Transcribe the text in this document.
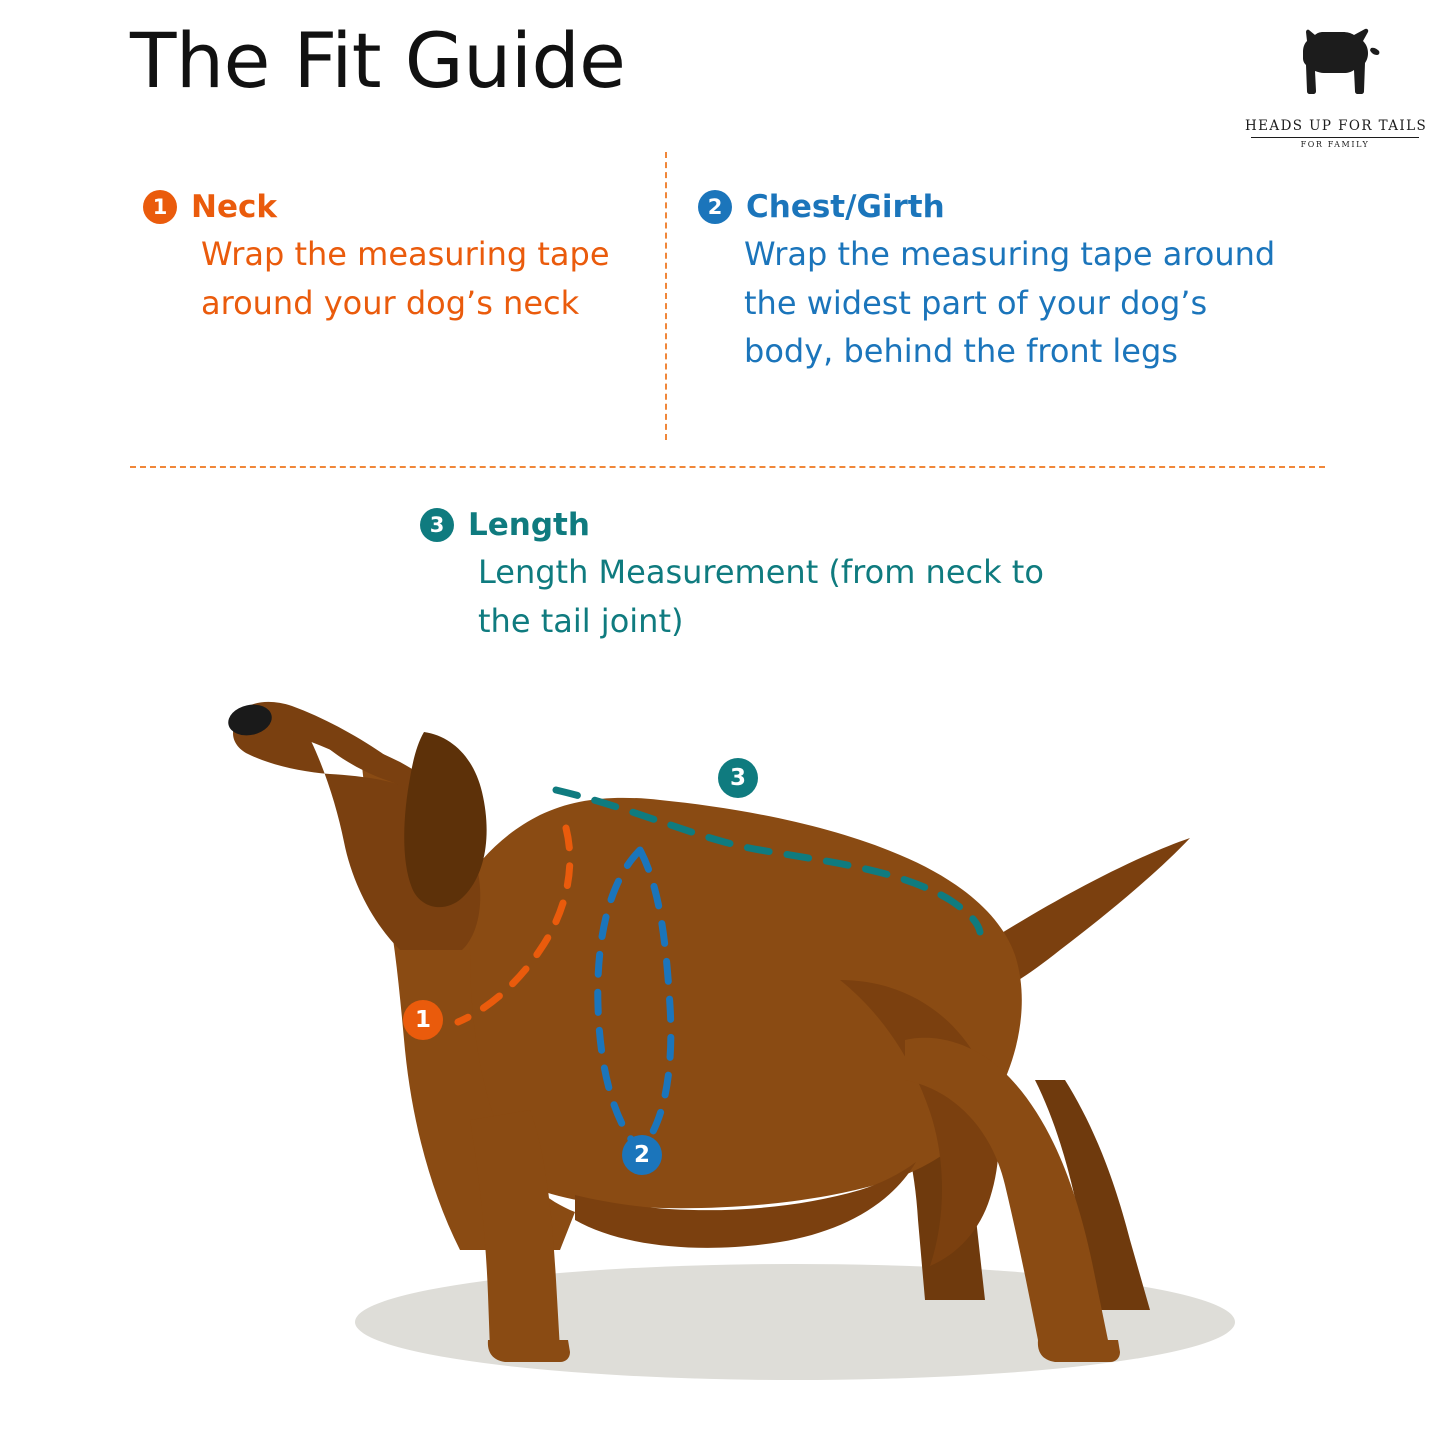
The Fit Guide
HEADS UP FOR TAILS
FOR FAMILY
1 Neck
Wrap the measuring tape around your dog’s neck
2 Chest/Girth
Wrap the measuring tape around the widest part of your dog’s body, behind the front legs
3 Length
Length Measurement (from neck to the tail joint)
1
2
3
